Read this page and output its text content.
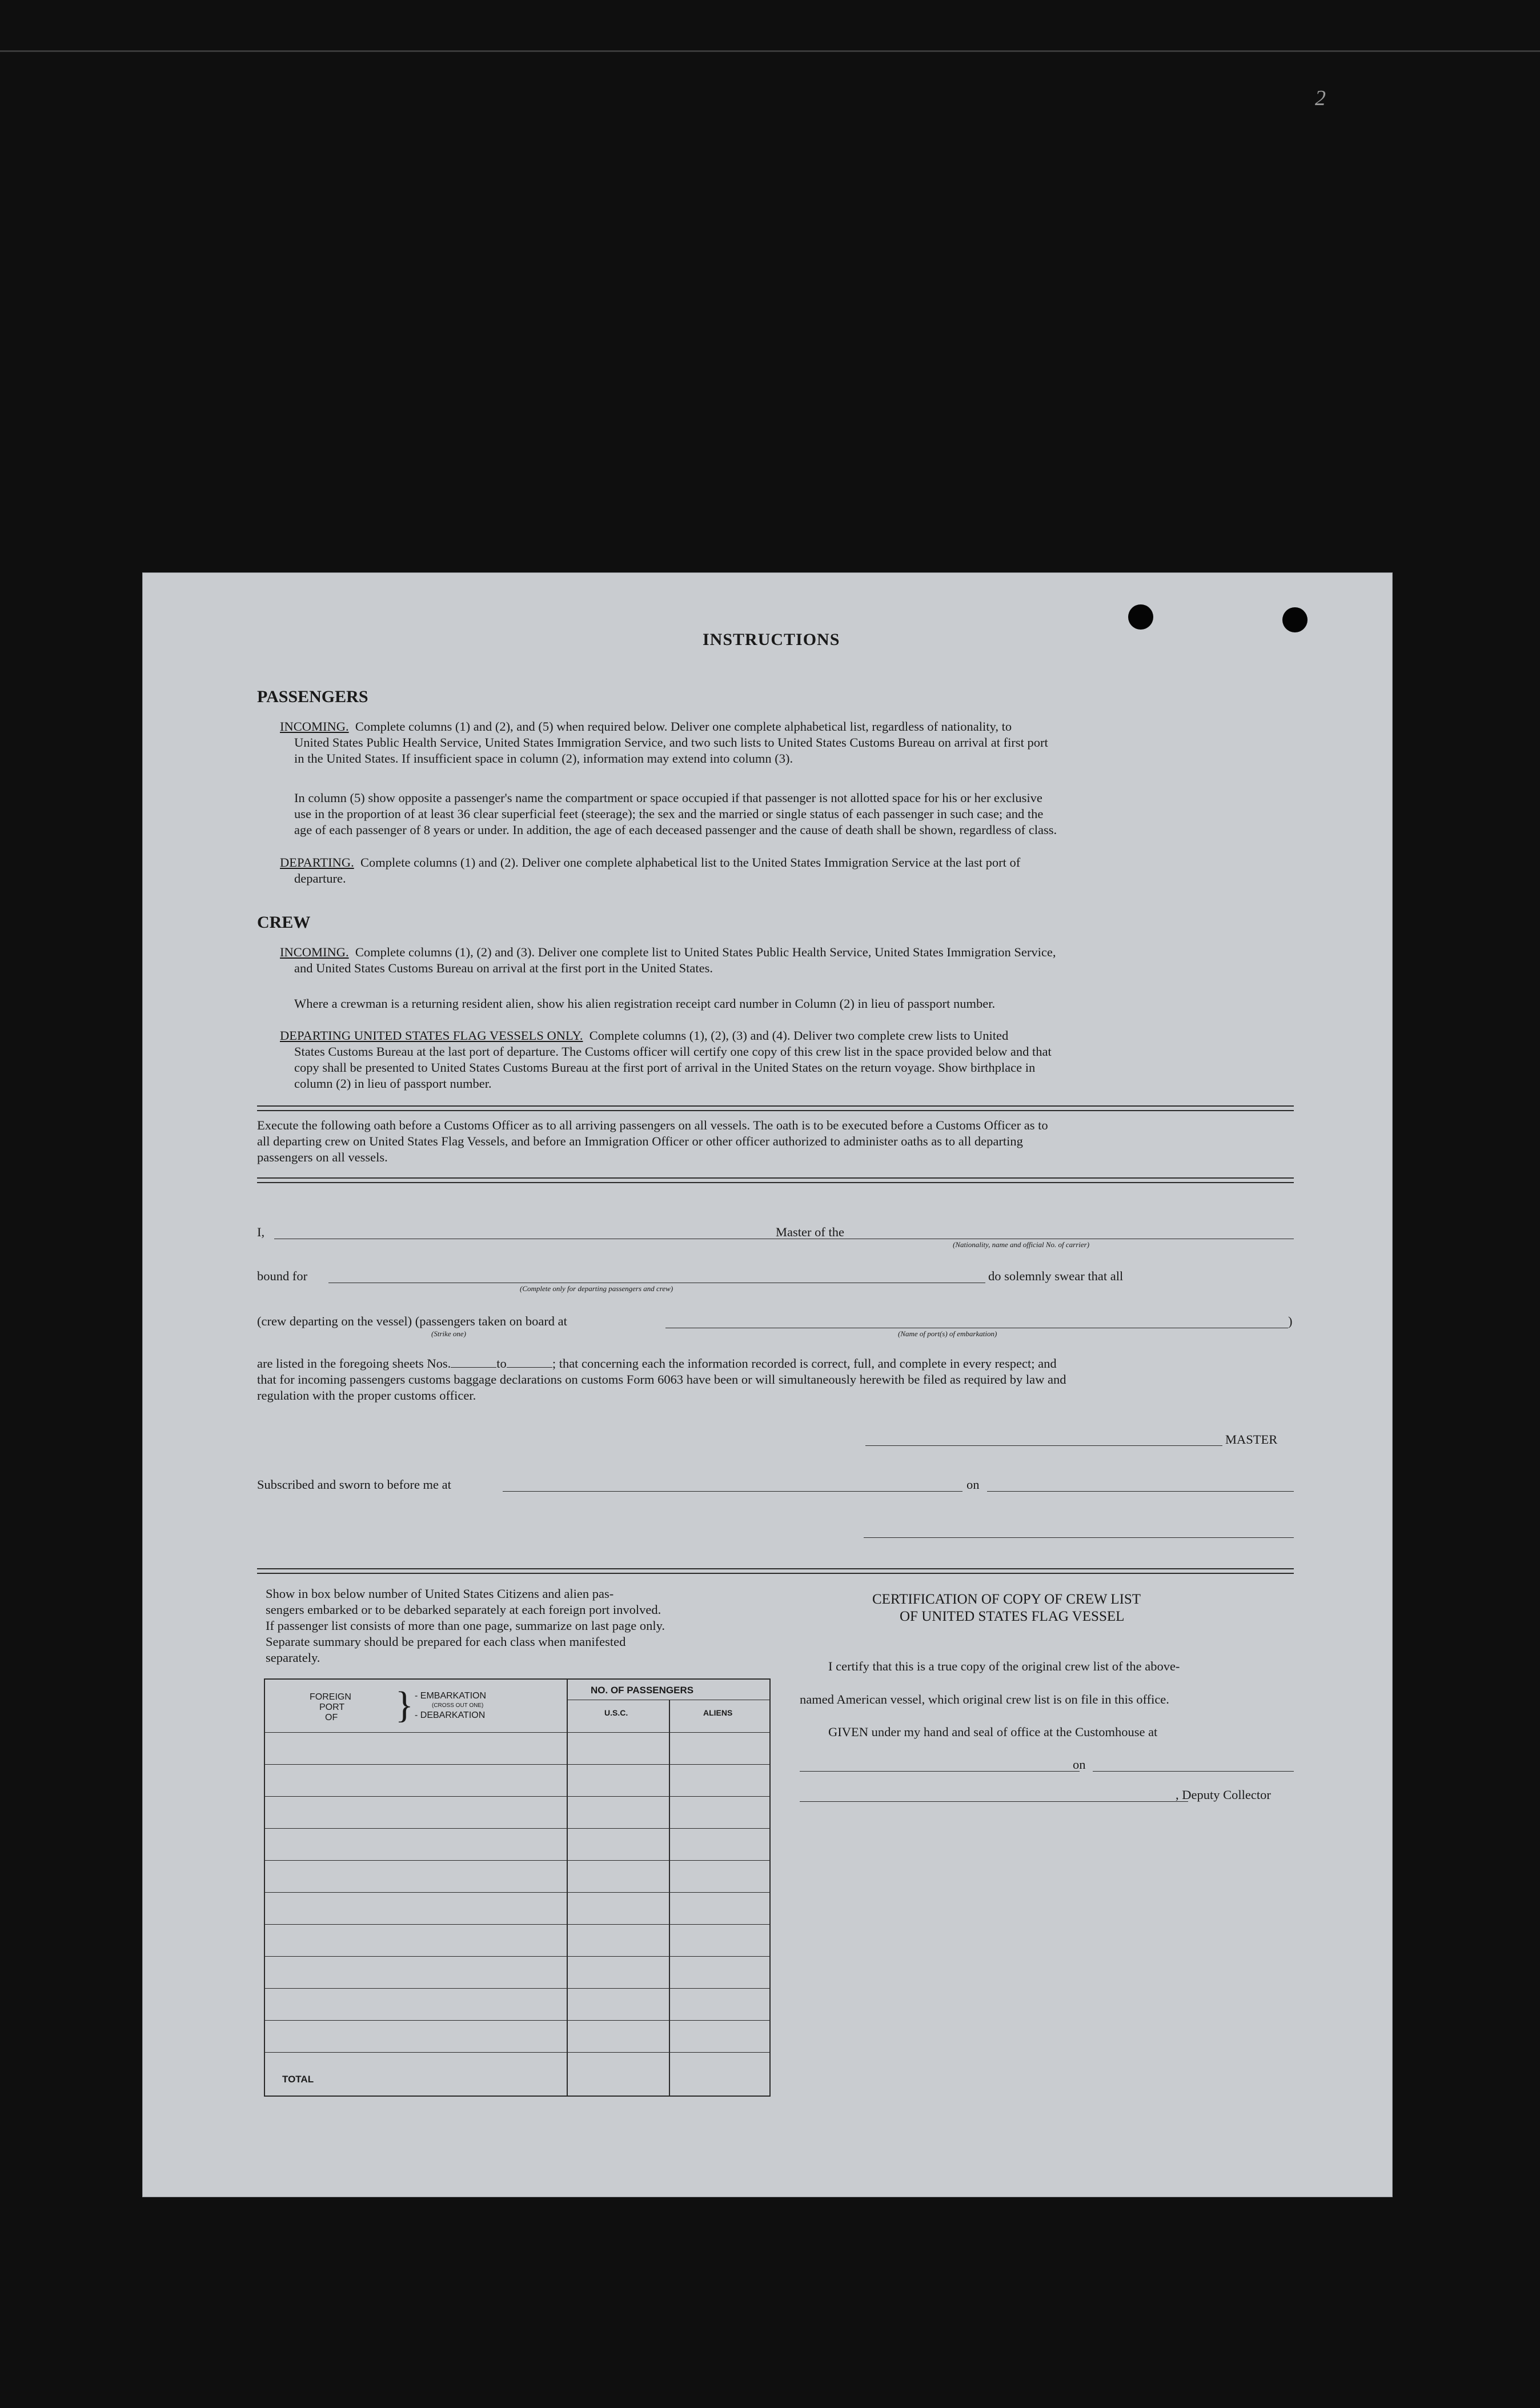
2
INSTRUCTIONS
PASSENGERS
INCOMING. Complete columns (1) and (2), and (5) when required below. Deliver one complete alphabetical list, regardless of nationality, to
United States Public Health Service, United States Immigration Service, and two such lists to United States Customs Bureau on arrival at first port
in the United States. If insufficient space in column (2), information may extend into column (3).
In column (5) show opposite a passenger's name the compartment or space occupied if that passenger is not allotted space for his or her exclusive
use in the proportion of at least 36 clear superficial feet (steerage); the sex and the married or single status of each passenger in such case; and the
age of each passenger of 8 years or under. In addition, the age of each deceased passenger and the cause of death shall be shown, regardless of class.
DEPARTING. Complete columns (1) and (2). Deliver one complete alphabetical list to the United States Immigration Service at the last port of
departure.
CREW
INCOMING. Complete columns (1), (2) and (3). Deliver one complete list to United States Public Health Service, United States Immigration Service,
and United States Customs Bureau on arrival at the first port in the United States.
Where a crewman is a returning resident alien, show his alien registration receipt card number in Column (2) in lieu of passport number.
DEPARTING UNITED STATES FLAG VESSELS ONLY. Complete columns (1), (2), (3) and (4). Deliver two complete crew lists to United
States Customs Bureau at the last port of departure. The Customs officer will certify one copy of this crew list in the space provided below and that
copy shall be presented to United States Customs Bureau at the first port of arrival in the United States on the return voyage. Show birthplace in
column (2) in lieu of passport number.
Execute the following oath before a Customs Officer as to all arriving passengers on all vessels. The oath is to be executed before a Customs Officer as to
all departing crew on United States Flag Vessels, and before an Immigration Officer or other officer authorized to administer oaths as to all departing
passengers on all vessels.
I,	Master of the
(Nationality, name and official No. of carrier)
bound for	do solemnly swear that all
(Complete only for departing passengers and crew)
(crew departing on the vessel) (passengers taken on board at	)
(Strike one)	(Name of port(s) of embarkation)
are listed in the foregoing sheets Nos.	to	; that concerning each the information recorded is correct, full, and complete in every respect; and
that for incoming passengers customs baggage declarations on customs Form 6063 have been or will simultaneously herewith be filed as required by law and
regulation with the proper customs officer.
MASTER
Subscribed and sworn to before me at	on
Show in box below number of United States Citizens and alien pas-
sengers embarked or to be debarked separately at each foreign port involved.
If passenger list consists of more than one page, summarize on last page only.
Separate summary should be prepared for each class when manifested
separately.
FOREIGN
PORT
OF } - EMBARKATION
(CROSS OUT ONE)
- DEBARKATION
NO. OF PASSENGERS
U.S.C.	ALIENS
TOTAL
CERTIFICATION OF COPY OF CREW LIST
OF UNITED STATES FLAG VESSEL
I certify that this is a true copy of the original crew list of the above-
named American vessel, which original crew list is on file in this office.
GIVEN under my hand and seal of office at the Customhouse at
on
, Deputy Collector
